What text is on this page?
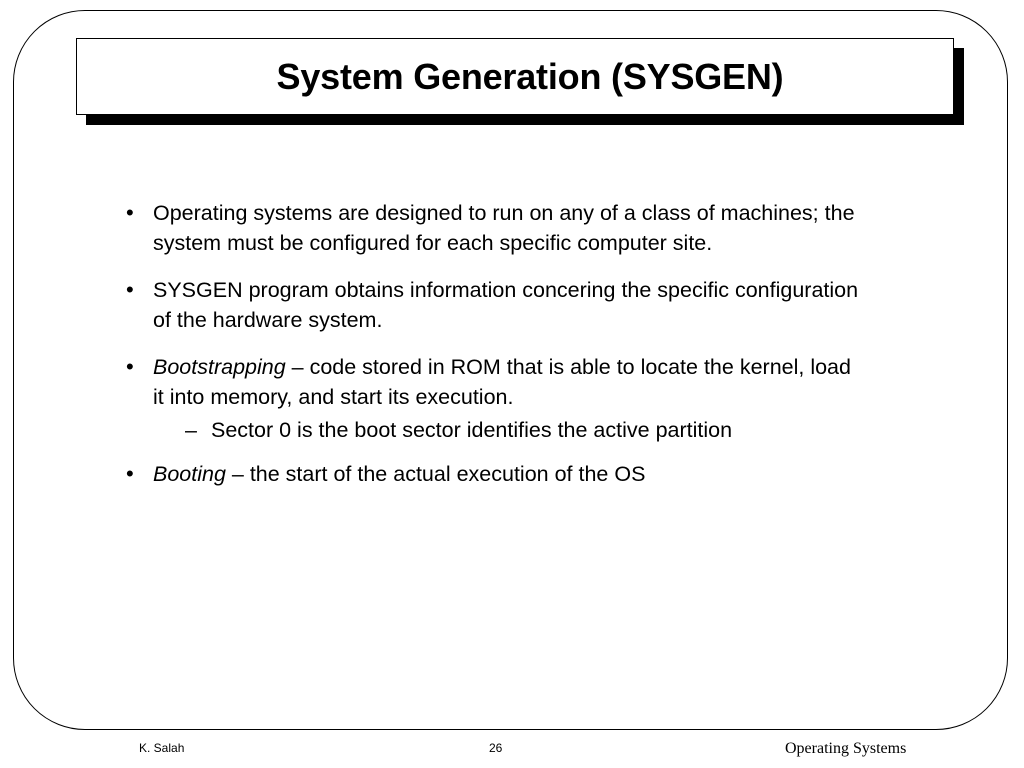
System Generation (SYSGEN)
• Operating systems are designed to run on any of a class of machines; the system must be configured for each specific computer site.
• SYSGEN program obtains information concering the specific configuration of the hardware system.
• Bootstrapping – code stored in ROM that is able to locate the kernel, load it into memory, and start its execution.
– Sector 0 is the boot sector identifies the active partition
• Booting – the start of the actual execution of the OS
K. Salah	26	Operating Systems
